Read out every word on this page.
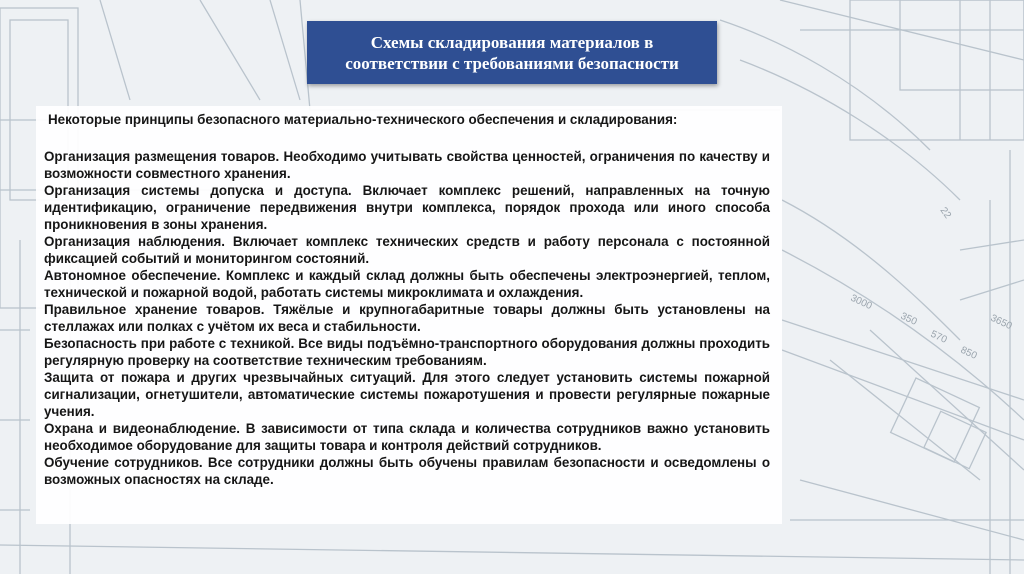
22
350
570
850
3650
3000
Схемы складирования материалов в
соответствии с требованиями безопасности

Некоторые принципы безопасного материально-технического обеспечения и складирования:

Организация размещения товаров. Необходимо учитывать свойства ценностей, ограничения по качеству и возможности совместного хранения.
Организация системы допуска и доступа. Включает комплекс решений, направленных на точную идентификацию, ограничение передвижения внутри комплекса, порядок прохода или иного способа проникновения в зоны хранения.
Организация наблюдения. Включает комплекс технических средств и работу персонала с постоянной фиксацией событий и мониторингом состояний.
Автономное обеспечение. Комплекс и каждый склад должны быть обеспечены электроэнергией, теплом, технической и пожарной водой, работать системы микроклимата и охлаждения.
Правильное хранение товаров. Тяжёлые и крупногабаритные товары должны быть установлены на стеллажах или полках с учётом их веса и стабильности.
Безопасность при работе с техникой. Все виды подъёмно-транспортного оборудования должны проходить регулярную проверку на соответствие техническим требованиям.
Защита от пожара и других чрезвычайных ситуаций. Для этого следует установить системы пожарной сигнализации, огнетушители, автоматические системы пожаротушения и провести регулярные пожарные учения.
Охрана и видеонаблюдение. В зависимости от типа склада и количества сотрудников важно установить необходимое оборудование для защиты товара и контроля действий сотрудников.
Обучение сотрудников. Все сотрудники должны быть обучены правилам безопасности и осведомлены о возможных опасностях на складе.
